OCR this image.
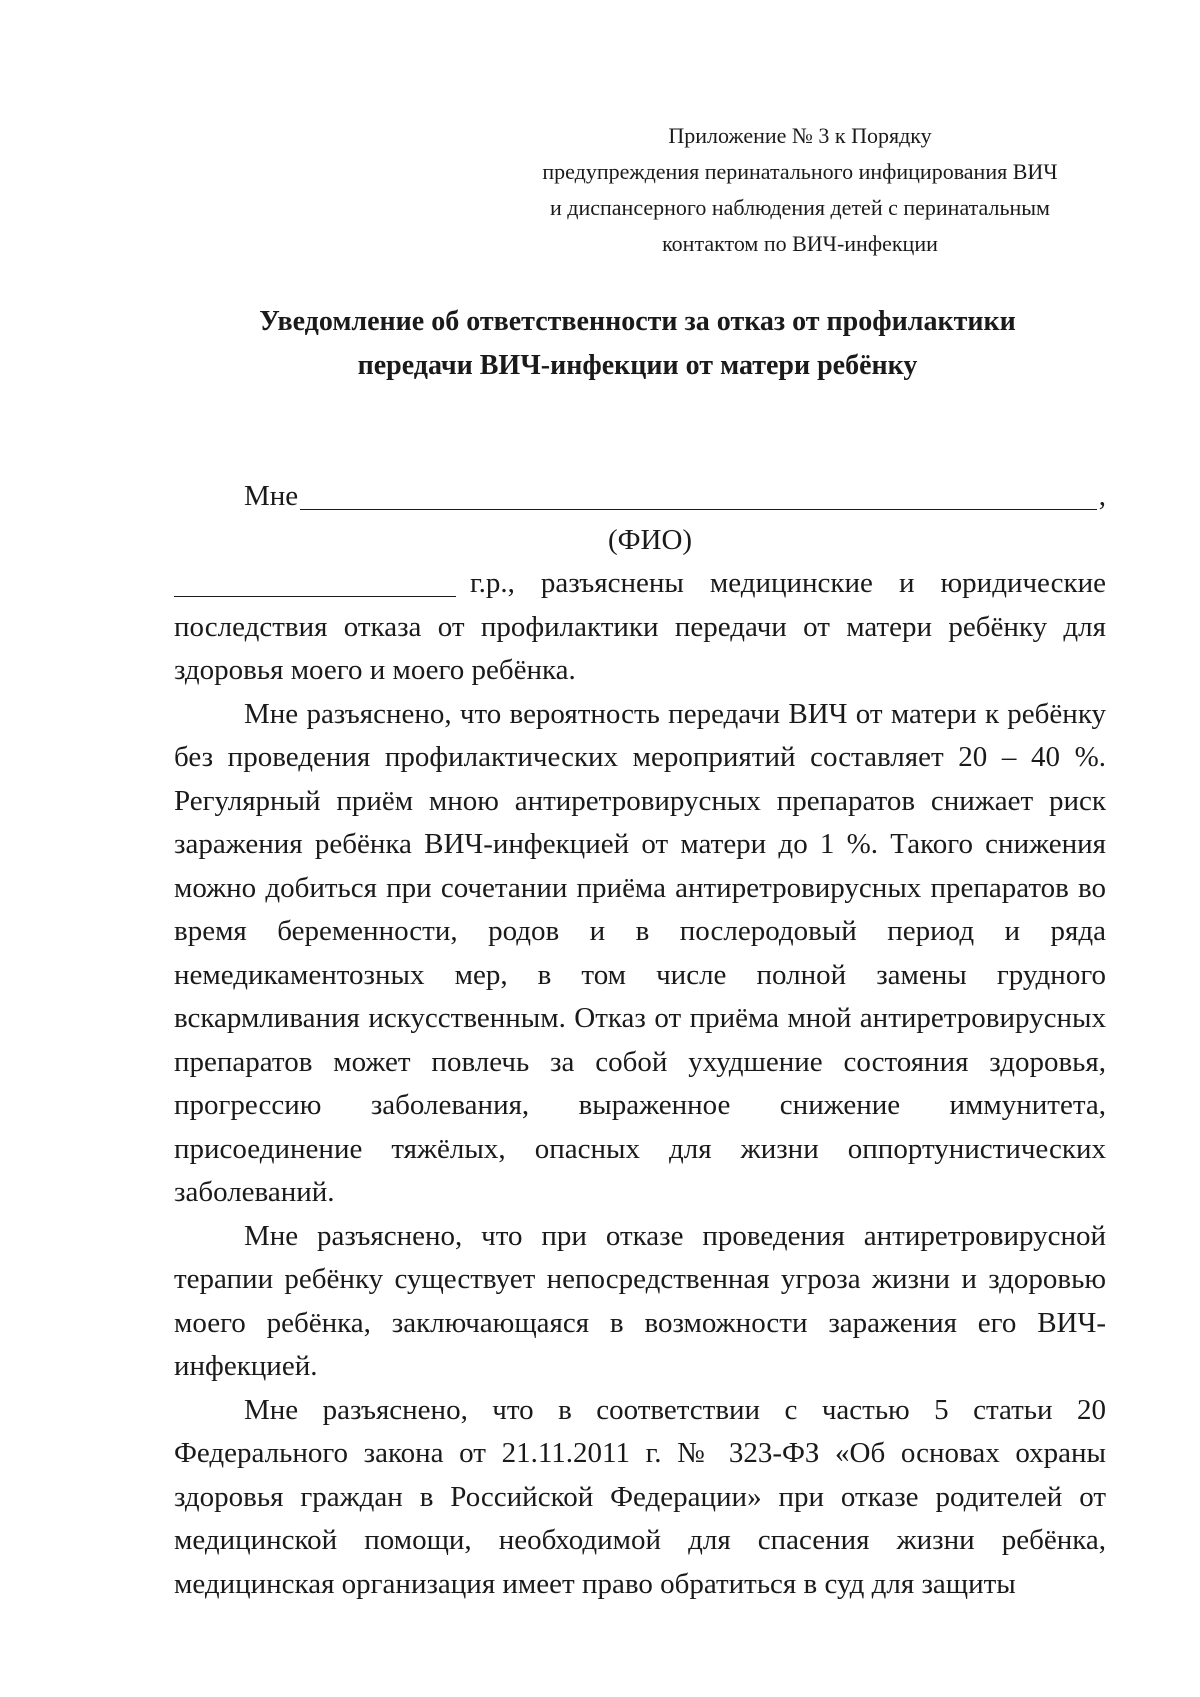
Приложение № 3 к Порядку
предупреждения перинатального инфицирования ВИЧ
и диспансерного наблюдения детей с перинатальным
контактом по ВИЧ-инфекции
Уведомление об ответственности за отказ от профилактики
передачи ВИЧ-инфекции от матери ребёнку
Мне	,
(ФИО)
г.р., разъяснены медицинские и юридические

последствия отказа от профилактики передачи от матери ребёнку для здоровья моего и моего ребёнка.

Мне разъяснено, что вероятность передачи ВИЧ от матери к ребёнку без проведения профилактических мероприятий составляет 20 – 40 %. Регулярный приём мною антиретровирусных препаратов снижает риск заражения ребёнка ВИЧ-инфекцией от матери до 1 %. Такого снижения можно добиться при сочетании приёма антиретровирусных препаратов во время беременности, родов и в послеродовый период и ряда немедикаментозных мер, в том числе полной замены грудного вскармливания искусственным. Отказ от приёма мной антиретровирусных препаратов может повлечь за собой ухудшение состояния здоровья, прогрессию заболевания, выраженное снижение иммунитета, присоединение тяжёлых, опасных для жизни оппортунистических заболеваний.

Мне разъяснено, что при отказе проведения антиретровирусной терапии ребёнку существует непосредственная угроза жизни и здоровью моего ребёнка, заключающаяся в возможности заражения его ВИЧ-инфекцией.

Мне разъяснено, что в соответствии с частью 5 статьи 20 Федерального закона от 21.11.2011 г. № 323-ФЗ «Об основах охраны здоровья граждан в Российской Федерации» при отказе родителей от медицинской помощи, необходимой для спасения жизни ребёнка, медицинская организация имеет право обратиться в суд для защиты
